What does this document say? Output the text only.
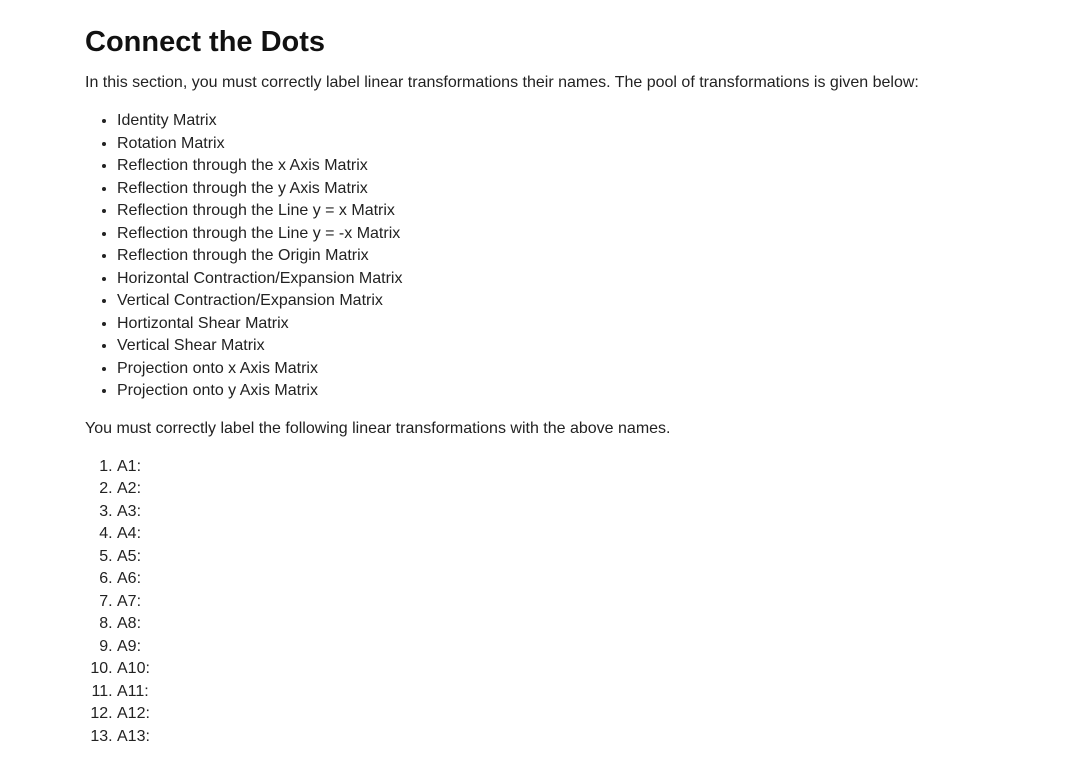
Connect the Dots

In this section, you must correctly label linear transformations their names. The pool of transformations is given below:

• Identity Matrix
• Rotation Matrix
• Reflection through the x Axis Matrix
• Reflection through the y Axis Matrix
• Reflection through the Line y = x Matrix
• Reflection through the Line y = -x Matrix
• Reflection through the Origin Matrix
• Horizontal Contraction/Expansion Matrix
• Vertical Contraction/Expansion Matrix
• Hortizontal Shear Matrix
• Vertical Shear Matrix
• Projection onto x Axis Matrix
• Projection onto y Axis Matrix

You must correctly label the following linear transformations with the above names.

1. A1:
2. A2:
3. A3:
4. A4:
5. A5:
6. A6:
7. A7:
8. A8:
9. A9:
10. A10:
11. A11:
12. A12:
13. A13:
